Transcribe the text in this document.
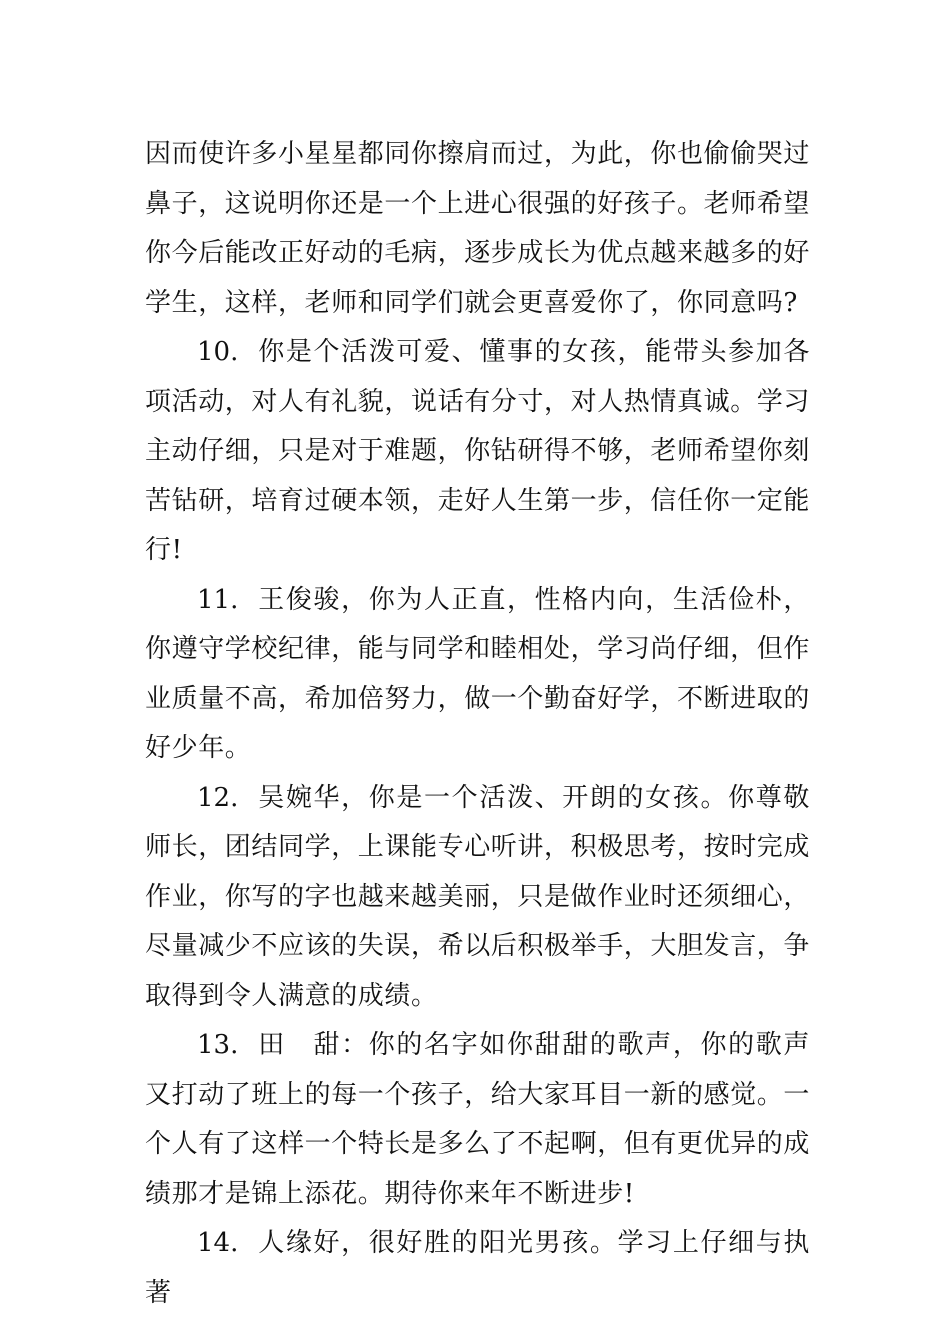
因而使许多小星星都同你擦肩而过，为此，你也偷偷哭过鼻子，这说明你还是一个上进心很强的好孩子。老师希望你今后能改正好动的毛病，逐步成长为优点越来越多的好学生，这样，老师和同学们就会更喜爱你了，你同意吗?

10. 你是个活泼可爱、懂事的女孩，能带头参加各项活动，对人有礼貌，说话有分寸，对人热情真诚。学习主动仔细，只是对于难题，你钻研得不够，老师希望你刻苦钻研，培育过硬本领，走好人生第一步，信任你一定能行!

11. 王俊骏，你为人正直，性格内向，生活俭朴，你遵守学校纪律，能与同学和睦相处，学习尚仔细，但作业质量不高，希加倍努力，做一个勤奋好学，不断进取的好少年。

12. 吴婉华，你是一个活泼、开朗的女孩。你尊敬师长，团结同学，上课能专心听讲，积极思考，按时完成作业，你写的字也越来越美丽，只是做作业时还须细心，尽量减少不应该的失误，希以后积极举手，大胆发言，争取得到令人满意的成绩。

13. 田　甜：你的名字如你甜甜的歌声，你的歌声又打动了班上的每一个孩子，给大家耳目一新的感觉。一个人有了这样一个特长是多么了不起啊，但有更优异的成绩那才是锦上添花。期待你来年不断进步!

14. 人缘好，很好胜的阳光男孩。学习上仔细与执著
